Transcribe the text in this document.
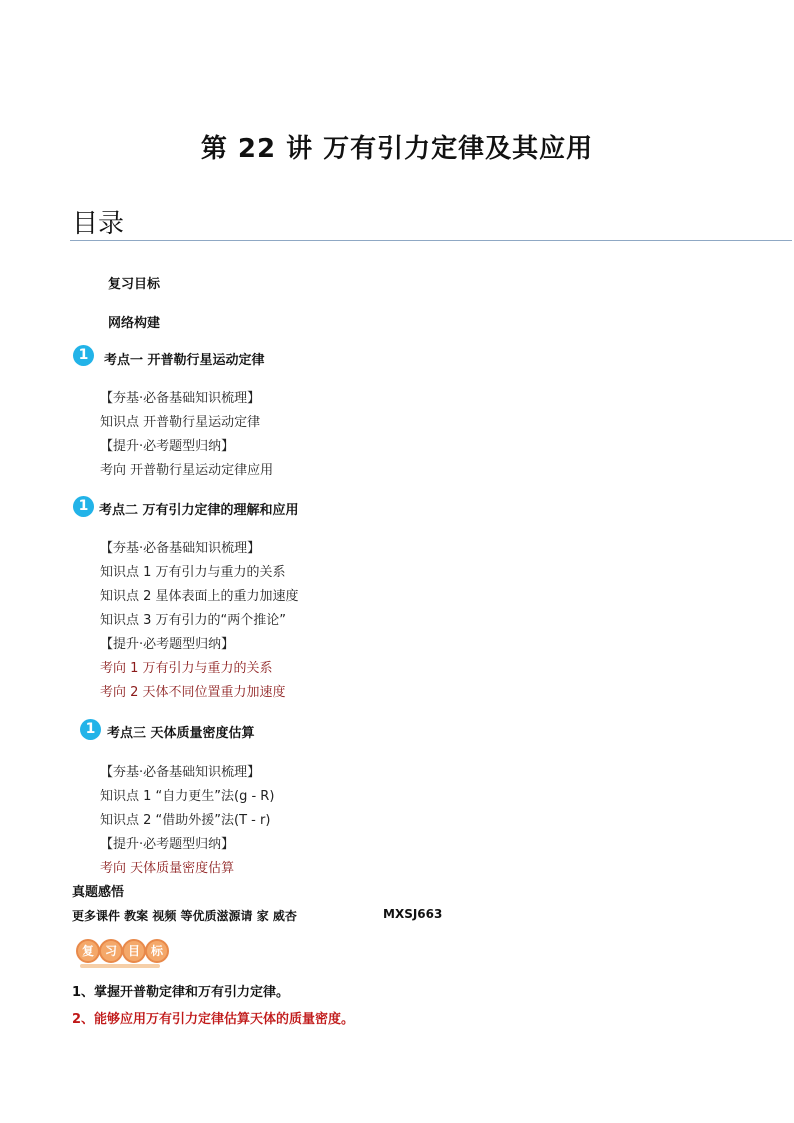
第 22 讲 万有引力定律及其应用
目录
复习目标
网络构建
1	考点一 开普勒行星运动定律
【夯基·必备基础知识梳理】
知识点 开普勒行星运动定律
【提升·必考题型归纳】
考向 开普勒行星运动定律应用
1 考点二 万有引力定律的理解和应用
【夯基·必备基础知识梳理】
知识点 1 万有引力与重力的关系
知识点 2 星体表面上的重力加速度
知识点 3 万有引力的“两个推论”
【提升·必考题型归纳】
考向 1 万有引力与重力的关系
考向 2 天体不同位置重力加速度
1 考点三 天体质量密度估算
【夯基·必备基础知识梳理】
知识点 1 “自力更生”法(g - R)
知识点 2 “借助外援”法(T - r)
【提升·必考题型归纳】
考向 天体质量密度估算
真题感悟
更多课件 教案 视频 等优质滋源请 家 威杏	MXSJ663
复 习 目 标
1、掌握开普勒定律和万有引力定律。
2、能够应用万有引力定律估算天体的质量密度。
